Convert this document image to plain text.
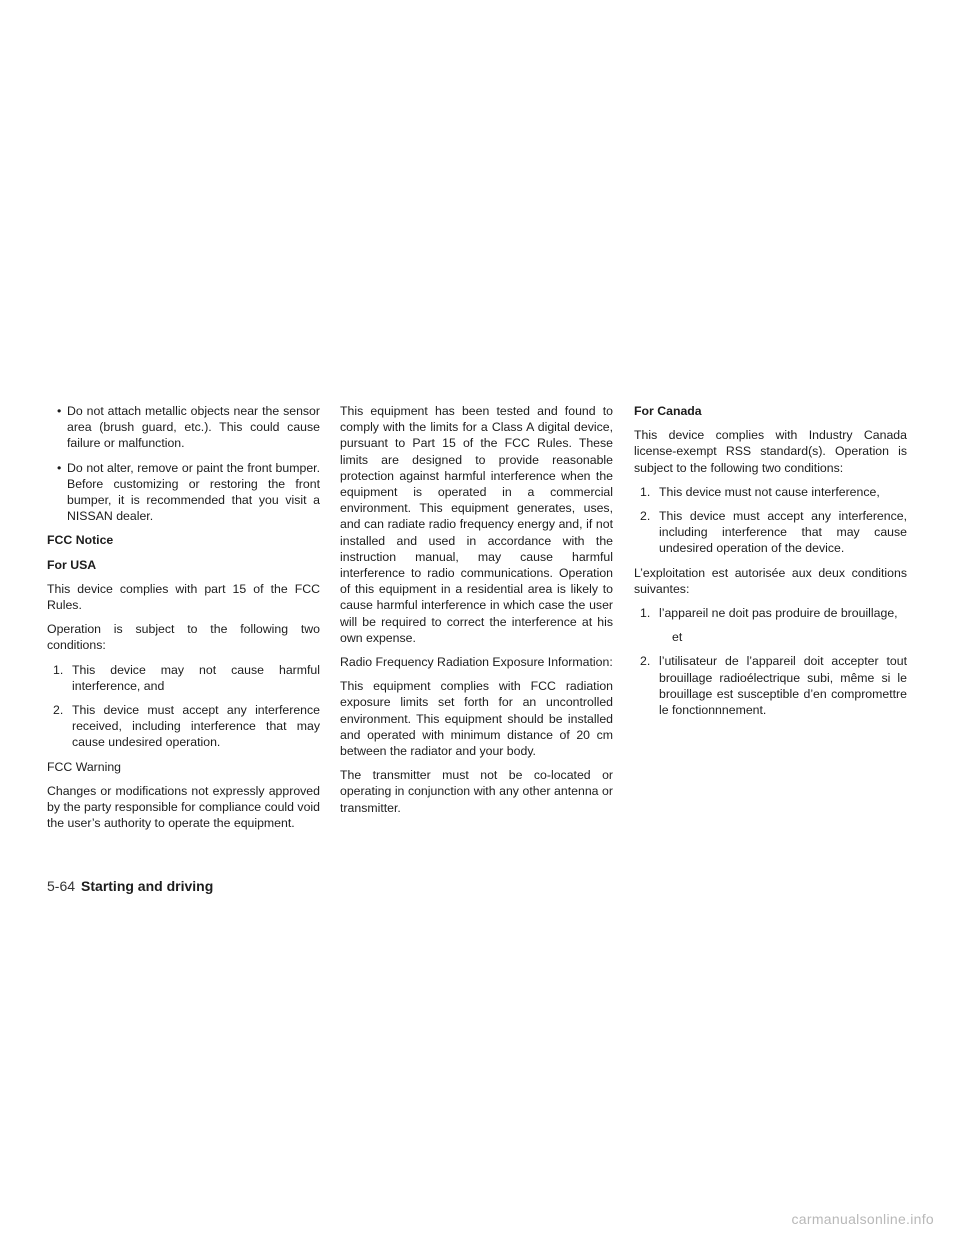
• Do not attach metallic objects near the sensor area (brush guard, etc.). This could cause failure or malfunction.
• Do not alter, remove or paint the front bumper. Before customizing or restoring the front bumper, it is recommended that you visit a NISSAN dealer.

FCC Notice

For USA

This device complies with part 15 of the FCC Rules.

Operation is subject to the following two conditions:

1. This device may not cause harmful interference, and
2. This device must accept any interference received, including interference that may cause undesired operation.

FCC Warning

Changes or modifications not expressly approved by the party responsible for compliance could void the user’s authority to operate the equipment.

This equipment has been tested and found to comply with the limits for a Class A digital device, pursuant to Part 15 of the FCC Rules. These limits are designed to provide reasonable protection against harmful interference when the equipment is operated in a commercial environment. This equipment generates, uses, and can radiate radio frequency energy and, if not installed and used in accordance with the instruction manual, may cause harmful interference to radio communications. Operation of this equipment in a residential area is likely to cause harmful interference in which case the user will be required to correct the interference at his own expense.

Radio Frequency Radiation Exposure Information:

This equipment complies with FCC radiation exposure limits set forth for an uncontrolled environment. This equipment should be installed and operated with minimum distance of 20 cm between the radiator and your body.

The transmitter must not be co-located or operating in conjunction with any other antenna or transmitter.

For Canada

This device complies with Industry Canada license-exempt RSS standard(s). Operation is subject to the following two conditions:

1. This device must not cause interference,
2. This device must accept any interference, including interference that may cause undesired operation of the device.

L’exploitation est autorisée aux deux conditions suivantes:

1. l’appareil ne doit pas produire de brouillage,

et

2. l’utilisateur de l’appareil doit accepter tout brouillage radioélectrique subi, même si le brouillage est susceptible d’en compromettre le fonctionnnement.
5-64 Starting and driving
carmanualsonline.info
